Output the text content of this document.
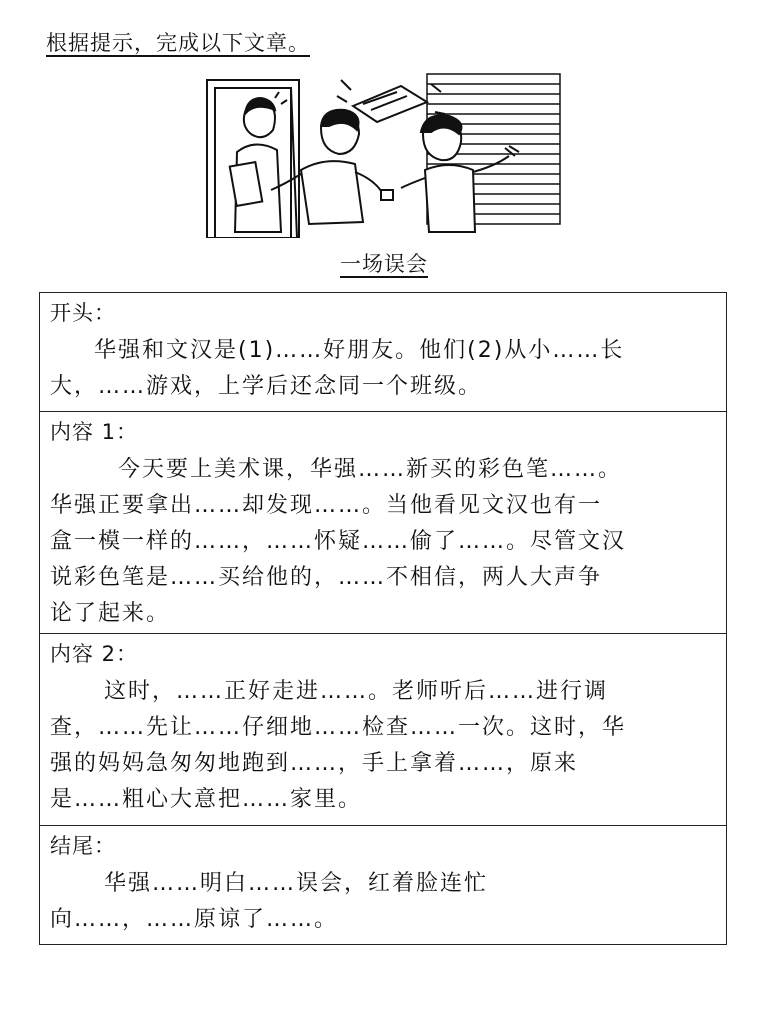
根据提示，完成以下文章。
一场误会
开头：
华强和文汉是(1)……好朋友。他们(2)从小……长
大，……游戏，上学后还念同一个班级。
内容 1：
今天要上美术课，华强……新买的彩色笔……。
华强正要拿出……却发现……。当他看见文汉也有一
盒一模一样的……，……怀疑……偷了……。尽管文汉
说彩色笔是……买给他的，……不相信，两人大声争
论了起来。
内容 2：
这时，……正好走进……。老师听后……进行调
查，……先让……仔细地……检查……一次。这时，华
强的妈妈急匆匆地跑到……，手上拿着……，原来
是……粗心大意把……家里。
结尾：
华强……明白……误会，红着脸连忙
向……，……原谅了……。
